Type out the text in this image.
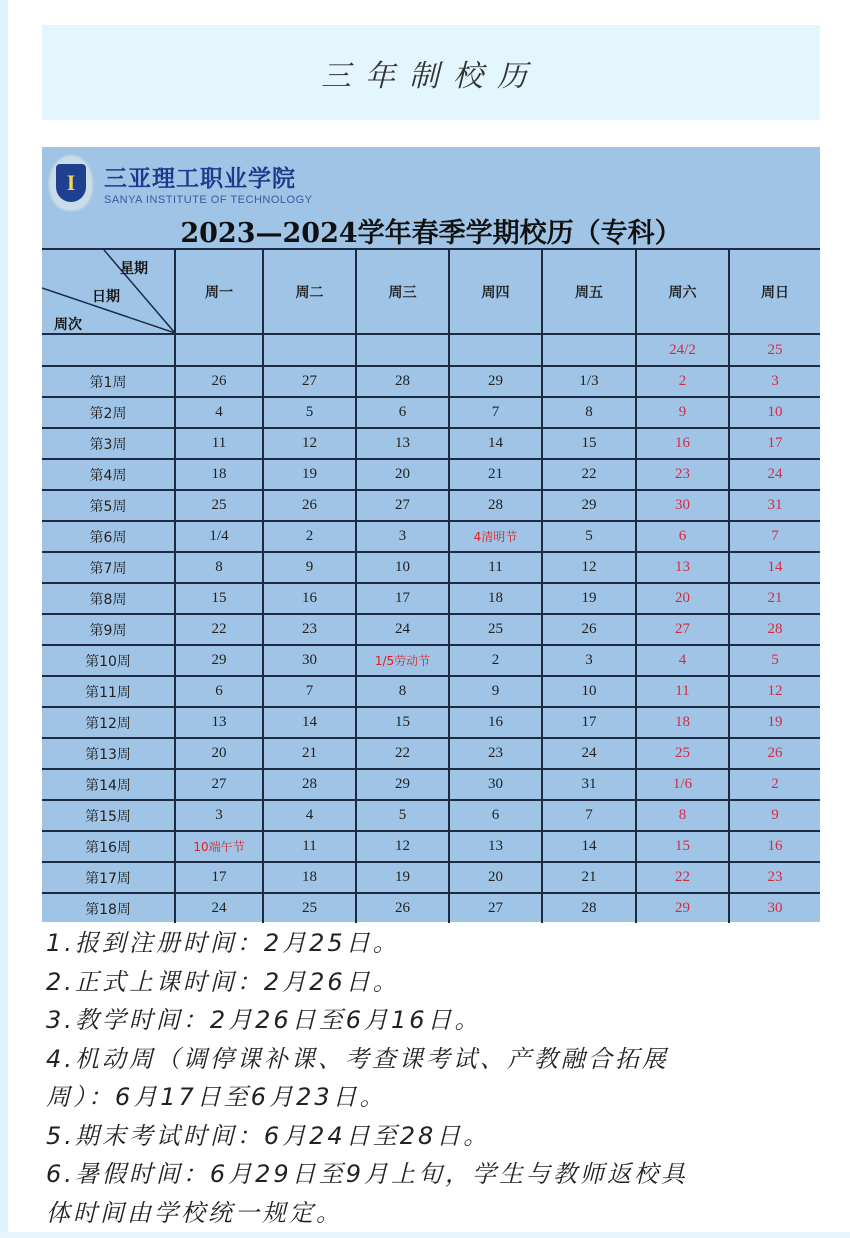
三年制校历
I	三亚理工职业学院
SANYA INSTITUTE OF TECHNOLOGY
2023—2024学年春季学期校历（专科）
星期
日期
周次	周一	周二	周三	周四	周五	周六	周日
						24/2	25
第1周	26	27	28	29	1/3	2	3
第2周	4	5	6	7	8	9	10
第3周	11	12	13	14	15	16	17
第4周	18	19	20	21	22	23	24
第5周	25	26	27	28	29	30	31
第6周	1/4	2	3	4清明节	5	6	7
第7周	8	9	10	11	12	13	14
第8周	15	16	17	18	19	20	21
第9周	22	23	24	25	26	27	28
第10周	29	30	1/5劳动节	2	3	4	5
第11周	6	7	8	9	10	11	12
第12周	13	14	15	16	17	18	19
第13周	20	21	22	23	24	25	26
第14周	27	28	29	30	31	1/6	2
第15周	3	4	5	6	7	8	9
第16周	10端午节	11	12	13	14	15	16
第17周	17	18	19	20	21	22	23
第18周	24	25	26	27	28	29	30
1.报到注册时间：2月25日。
2.正式上课时间：2月26日。
3.教学时间：2月26日至6月16日。
4.机动周（调停课补课、考查课考试、产教融合拓展
周）：6月17日至6月23日。
5.期末考试时间：6月24日至28日。
6.暑假时间：6月29日至9月上旬，学生与教师返校具
体时间由学校统一规定。
